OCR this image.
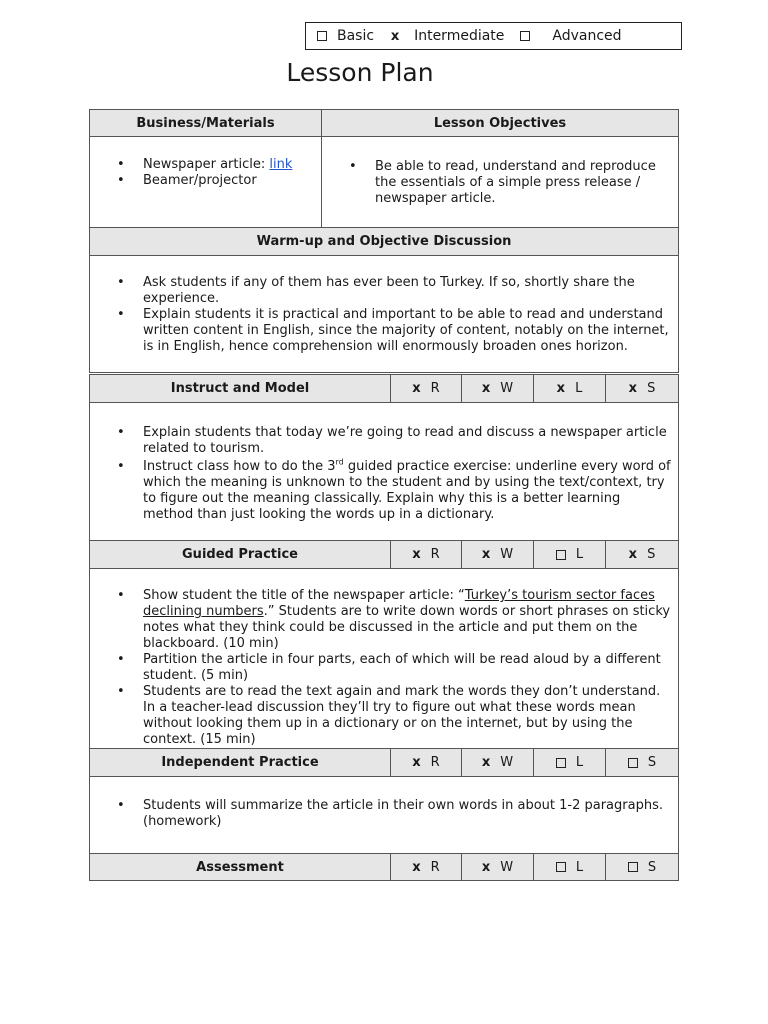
Basic x Intermediate	Advanced
Lesson Plan
Business/Materials	Lesson Objectives
• Newspaper article: link
• Beamer/projector
• Be able to read, understand and reproduce the essentials of a simple press release / newspaper article.
Warm-up and Objective Discussion
• Ask students if any of them has ever been to Turkey. If so, shortly share the experience.
• Explain students it is practical and important to be able to read and understand written content in English, since the majority of content, notably on the internet, is in English, hence comprehension will enormously broaden ones horizon.
Instruct and Model	x R	x W	x L	x S
• Explain students that today we’re going to read and discuss a newspaper article related to tourism.
• Instruct class how to do the 3rd guided practice exercise: underline every word of which the meaning is unknown to the student and by using the text/context, try to figure out the meaning classically. Explain why this is a better learning method than just looking the words up in a dictionary.
Guided Practice	x R	x W	L	x S
• Show student the title of the newspaper article: “Turkey’s tourism sector faces declining numbers.” Students are to write down words or short phrases on sticky notes what they think could be discussed in the article and put them on the blackboard. (10 min)
• Partition the article in four parts, each of which will be read aloud by a different student. (5 min)
• Students are to read the text again and mark the words they don’t understand. In a teacher-lead discussion they’ll try to figure out what these words mean without looking them up in a dictionary or on the internet, but by using the context. (15 min)
Independent Practice	x R	x W	L	S
• Students will summarize the article in their own words in about 1-2 paragraphs. (homework)
Assessment	x R	x W	L	S
